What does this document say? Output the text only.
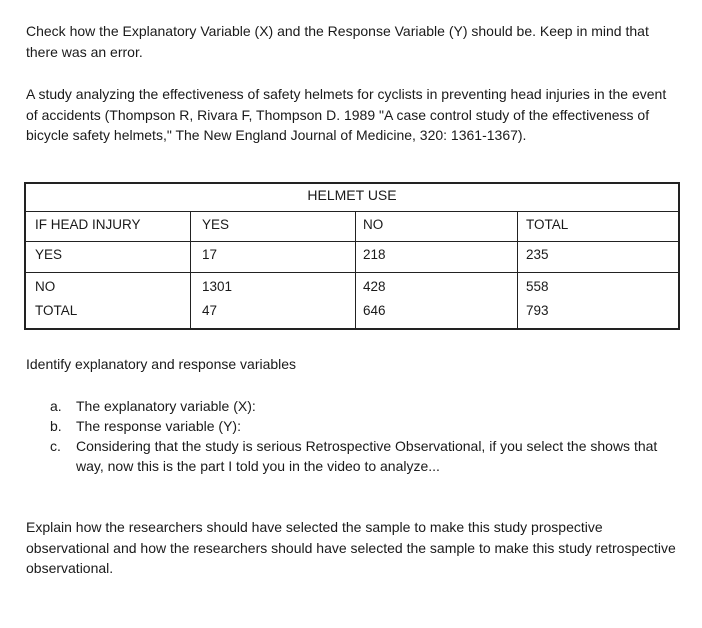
Check how the Explanatory Variable (X) and the Response Variable (Y) should be. Keep in mind that there was an error.

A study analyzing the effectiveness of safety helmets for cyclists in preventing head injuries in the event of accidents (Thompson R, Rivara F, Thompson D. 1989 "A case control study of the effectiveness of bicycle safety helmets," The New England Journal of Medicine, 320: 1361-1367).

HELMET USE
IF HEAD INJURY	YES	NO	TOTAL
YES	17	218	235
NO	1301	428	558
TOTAL	47	646	793

Identify explanatory and response variables

a. The explanatory variable (X):
b. The response variable (Y):
c. Considering that the study is serious Retrospective Observational, if you select the shows that way, now this is the part I told you in the video to analyze...

Explain how the researchers should have selected the sample to make this study prospective observational and how the researchers should have selected the sample to make this study retrospective observational.
